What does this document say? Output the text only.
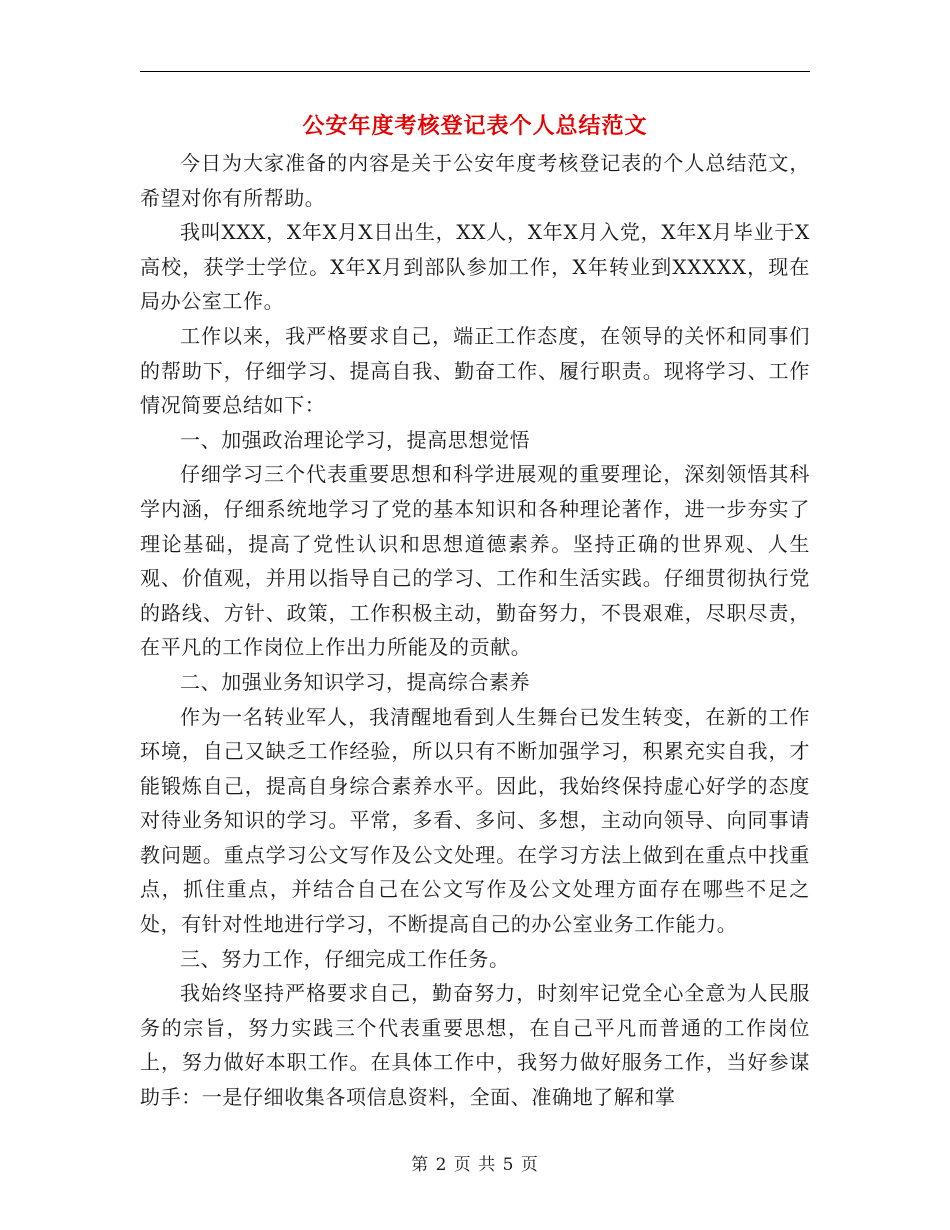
公安年度考核登记表个人总结范文

今日为大家准备的内容是关于公安年度考核登记表的个人总结范文，希望对你有所帮助。

我叫XXX，X年X月X日出生，XX人，X年X月入党，X年X月毕业于X高校，获学士学位。X年X月到部队参加工作，X年转业到XXXXX，现在局办公室工作。

工作以来，我严格要求自己，端正工作态度，在领导的关怀和同事们的帮助下，仔细学习、提高自我、勤奋工作、履行职责。现将学习、工作情况简要总结如下：

一、加强政治理论学习，提高思想觉悟

仔细学习三个代表重要思想和科学进展观的重要理论，深刻领悟其科学内涵，仔细系统地学习了党的基本知识和各种理论著作，进一步夯实了理论基础，提高了党性认识和思想道德素养。坚持正确的世界观、人生观、价值观，并用以指导自己的学习、工作和生活实践。仔细贯彻执行党的路线、方针、政策，工作积极主动，勤奋努力，不畏艰难，尽职尽责，在平凡的工作岗位上作出力所能及的贡献。

二、加强业务知识学习，提高综合素养

作为一名转业军人，我清醒地看到人生舞台已发生转变，在新的工作环境，自己又缺乏工作经验，所以只有不断加强学习，积累充实自我，才能锻炼自己，提高自身综合素养水平。因此，我始终保持虚心好学的态度对待业务知识的学习。平常，多看、多问、多想，主动向领导、向同事请教问题。重点学习公文写作及公文处理。在学习方法上做到在重点中找重点，抓住重点，并结合自己在公文写作及公文处理方面存在哪些不足之处，有针对性地进行学习，不断提高自己的办公室业务工作能力。

三、努力工作，仔细完成工作任务。

我始终坚持严格要求自己，勤奋努力，时刻牢记党全心全意为人民服务的宗旨，努力实践三个代表重要思想，在自己平凡而普通的工作岗位上，努力做好本职工作。在具体工作中，我努力做好服务工作，当好参谋助手：一是仔细收集各项信息资料，全面、准确地了解和掌

第 2 页 共 5 页
